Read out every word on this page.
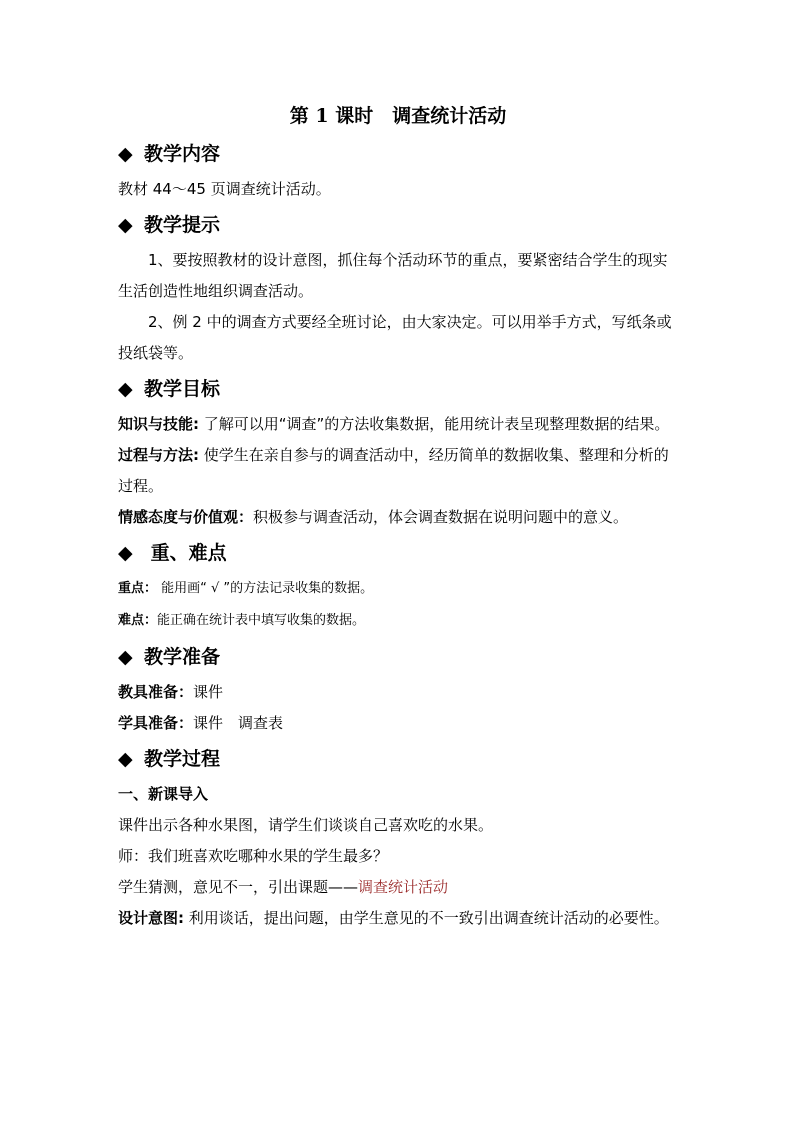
第 1 课时　调查统计活动
◆ 教学内容

教材 44～45 页调查统计活动。

◆ 教学提示

1、要按照教材的设计意图，抓住每个活动环节的重点，要紧密结合学生的现实生活创造性地组织调查活动。

2、例 2 中的调查方式要经全班讨论，由大家决定。可以用举手方式，写纸条或投纸袋等。

◆ 教学目标

知识与技能: 了解可以用“调查”的方法收集数据，能用统计表呈现整理数据的结果。

过程与方法: 使学生在亲自参与的调查活动中，经历简单的数据收集、整理和分析的过程。

情感态度与价值观：积极参与调查活动，体会调查数据在说明问题中的意义。

◆ 重、难点

重点： 能用画“ √ ”的方法记录收集的数据。

难点：能正确在统计表中填写收集的数据。

◆ 教学准备

教具准备：课件

学具准备：课件　调查表

◆ 教学过程

一、新课导入

课件出示各种水果图，请学生们谈谈自己喜欢吃的水果。

师：我们班喜欢吃哪种水果的学生最多？

学生猜测，意见不一，引出课题——调查统计活动

设计意图: 利用谈话，提出问题，由学生意见的不一致引出调查统计活动的必要性。
